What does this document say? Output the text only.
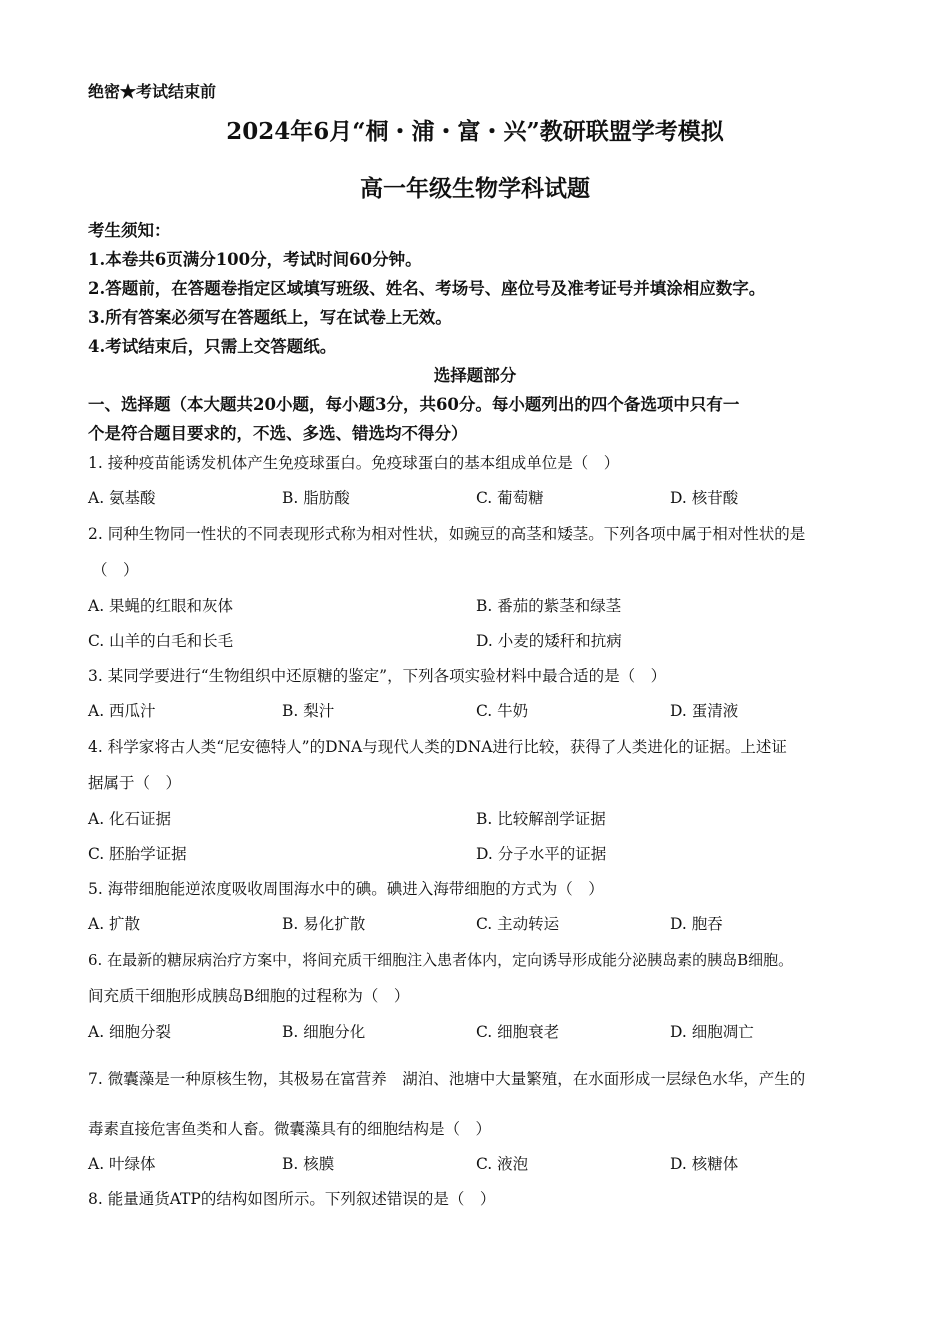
绝密★考试结束前
2024年6月“桐・浦・富・兴”教研联盟学考模拟
高一年级生物学科试题
考生须知：
1.本卷共6页满分100分，考试时间60分钟。
2.答题前，在答题卷指定区域填写班级、姓名、考场号、座位号及准考证号并填涂相应数字。
3.所有答案必须写在答题纸上，写在试卷上无效。
4.考试结束后，只需上交答题纸。
选择题部分
一、选择题（本大题共20小题，每小题3分，共60分。每小题列出的四个备选项中只有一
个是符合题目要求的，不选、多选、错选均不得分）
1. 接种疫苗能诱发机体产生免疫球蛋白。免疫球蛋白的基本组成单位是（　）
A. 氨基酸	B. 脂肪酸	C. 葡萄糖	D. 核苷酸
2. 同种生物同一性状的不同表现形式称为相对性状，如豌豆的高茎和矮茎。下列各项中属于相对性状的是
（　）
A. 果蝇的红眼和灰体	B. 番茄的紫茎和绿茎
C. 山羊的白毛和长毛	D. 小麦的矮秆和抗病
3. 某同学要进行“生物组织中还原糖的鉴定”，下列各项实验材料中最合适的是（　）
A. 西瓜汁	B. 梨汁	C. 牛奶	D. 蛋清液
4. 科学家将古人类“尼安德特人”的DNA与现代人类的DNA进行比较，获得了人类进化的证据。上述证
据属于（　）
A. 化石证据	B. 比较解剖学证据
C. 胚胎学证据	D. 分子水平的证据
5. 海带细胞能逆浓度吸收周围海水中的碘。碘进入海带细胞的方式为（　）
A. 扩散	B. 易化扩散	C. 主动转运	D. 胞吞
6. 在最新的糖尿病治疗方案中，将间充质干细胞注入患者体内，定向诱导形成能分泌胰岛素的胰岛B细胞。
间充质干细胞形成胰岛B细胞的过程称为（　）
A. 细胞分裂	B. 细胞分化	C. 细胞衰老	D. 细胞凋亡
7. 微囊藻是一种原核生物，其极易在富营养　湖泊、池塘中大量繁殖，在水面形成一层绿色水华，产生的
毒素直接危害鱼类和人畜。微囊藻具有的细胞结构是（　）
A. 叶绿体	B. 核膜	C. 液泡	D. 核糖体
8. 能量通货ATP的结构如图所示。下列叙述错误的是（　）
